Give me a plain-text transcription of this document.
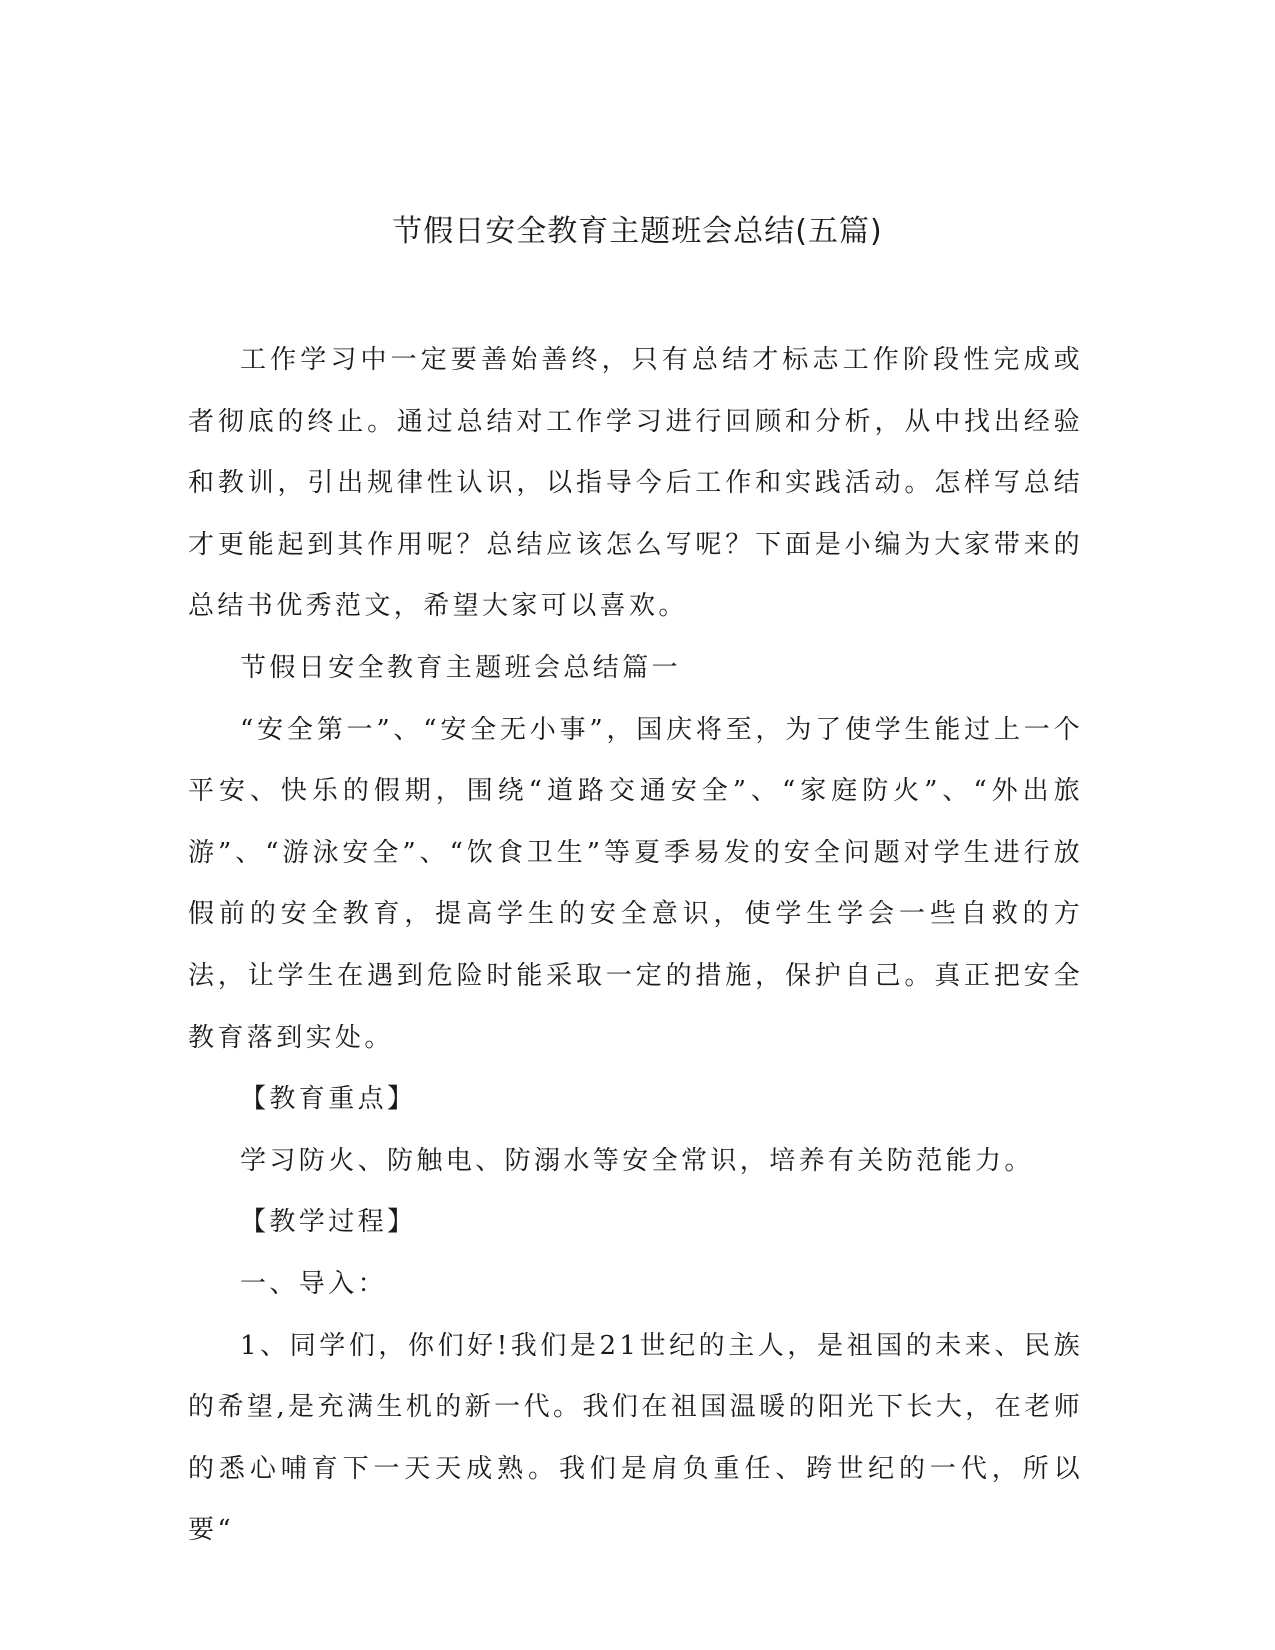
节假日安全教育主题班会总结(五篇)

工作学习中一定要善始善终，只有总结才标志工作阶段性完成或者彻底的终止。通过总结对工作学习进行回顾和分析，从中找出经验和教训，引出规律性认识，以指导今后工作和实践活动。怎样写总结才更能起到其作用呢？总结应该怎么写呢？下面是小编为大家带来的总结书优秀范文，希望大家可以喜欢。

节假日安全教育主题班会总结篇一

“安全第一”、“安全无小事”，国庆将至，为了使学生能过上一个平安、快乐的假期，围绕“道路交通安全”、“家庭防火”、“外出旅游”、“游泳安全”、“饮食卫生”等夏季易发的安全问题对学生进行放假前的安全教育，提高学生的安全意识，使学生学会一些自救的方法，让学生在遇到危险时能采取一定的措施，保护自己。真正把安全教育落到实处。

【教育重点】

学习防火、防触电、防溺水等安全常识，培养有关防范能力。

【教学过程】

一、导入：

1、同学们，你们好!我们是21世纪的主人，是祖国的未来、民族的希望,是充满生机的新一代。我们在祖国温暖的阳光下长大，在老师的悉心哺育下一天天成熟。我们是肩负重任、跨世纪的一代，所以要“
